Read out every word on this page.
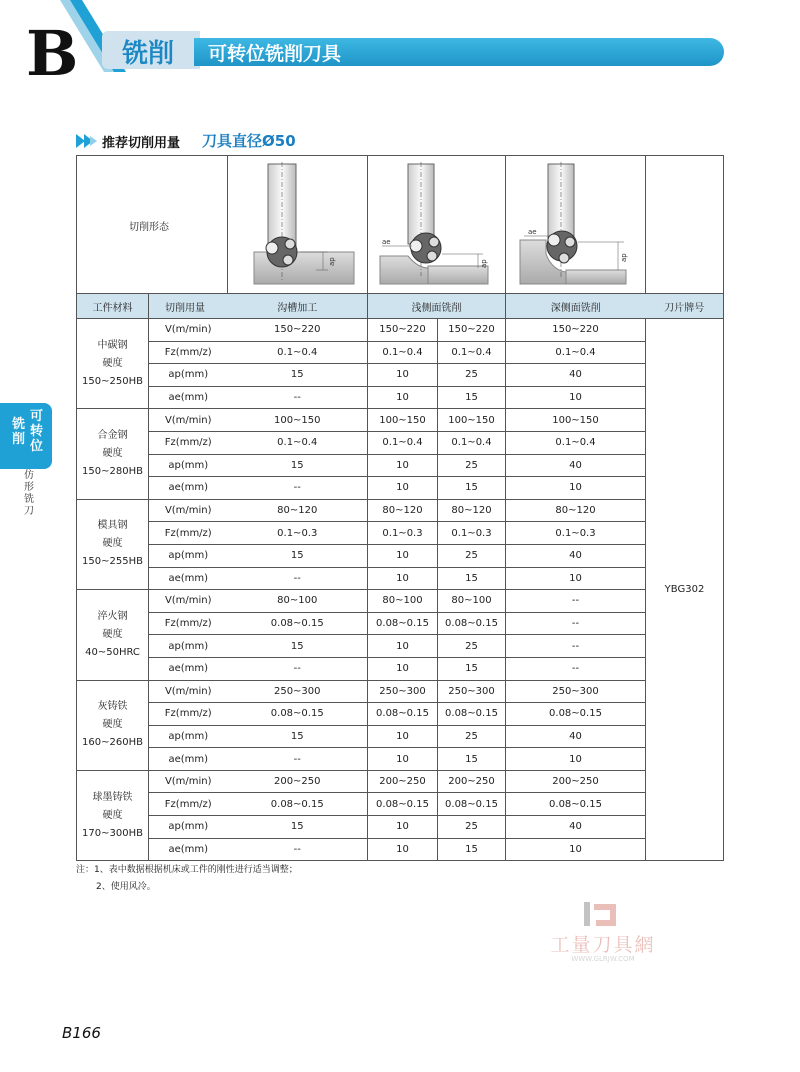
B 铣削 可转位铣削刀具
推荐切削用量 刀具直径Ø50
可转位
铣削
仿形铣刀
切削形态		ap	ae
ap		ae
ap	

工件材料	切削用量	沟槽加工	浅侧面铣削		深侧面铣削	刀片牌号

中碳钢
硬度
150~250HB	V(m/min)	150~220	150~220	150~220	150~220	YBG302
	Fz(mm/z)	0.1~0.4	0.1~0.4	0.1~0.4	0.1~0.4	
	ap(mm)	15	10	25	40	
	ae(mm)	--	10	15	10	

合金钢
硬度
150~280HB	V(m/min)	100~150	100~150	100~150	100~150	
	Fz(mm/z)	0.1~0.4	0.1~0.4	0.1~0.4	0.1~0.4	
	ap(mm)	15	10	25	40	
	ae(mm)	--	10	15	10	

模具钢
硬度
150~255HB	V(m/min)	80~120	80~120	80~120	80~120	
	Fz(mm/z)	0.1~0.3	0.1~0.3	0.1~0.3	0.1~0.3	
	ap(mm)	15	10	25	40	
	ae(mm)	--	10	15	10	

淬火钢
硬度40~50HRC	V(m/min)	80~100	80~100	80~100	--	
	Fz(mm/z)	0.08~0.15	0.08~0.15	0.08~0.15	--	
	ap(mm)	15	10	25	--	
	ae(mm)	--	10	15	--	

灰铸铁
硬度
160~260HB	V(m/min)	250~300	250~300	250~300	250~300	
	Fz(mm/z)	0.08~0.15	0.08~0.15	0.08~0.15	0.08~0.15	
	ap(mm)	15	10	25	40	
	ae(mm)	--	10	15	10	

球墨铸铁
硬度
170~300HB	V(m/min)	200~250	200~250	200~250	200~250	
	Fz(mm/z)	0.08~0.15	0.08~0.15	0.08~0.15	0.08~0.15	
	ap(mm)	15	10	25	40	
	ae(mm)	--	10	15	10	
注：1、表中数据根据机床或工件的刚性进行适当调整；
2、使用风冷。
工量刀具網
WWW.GLRJW.COM
B166
